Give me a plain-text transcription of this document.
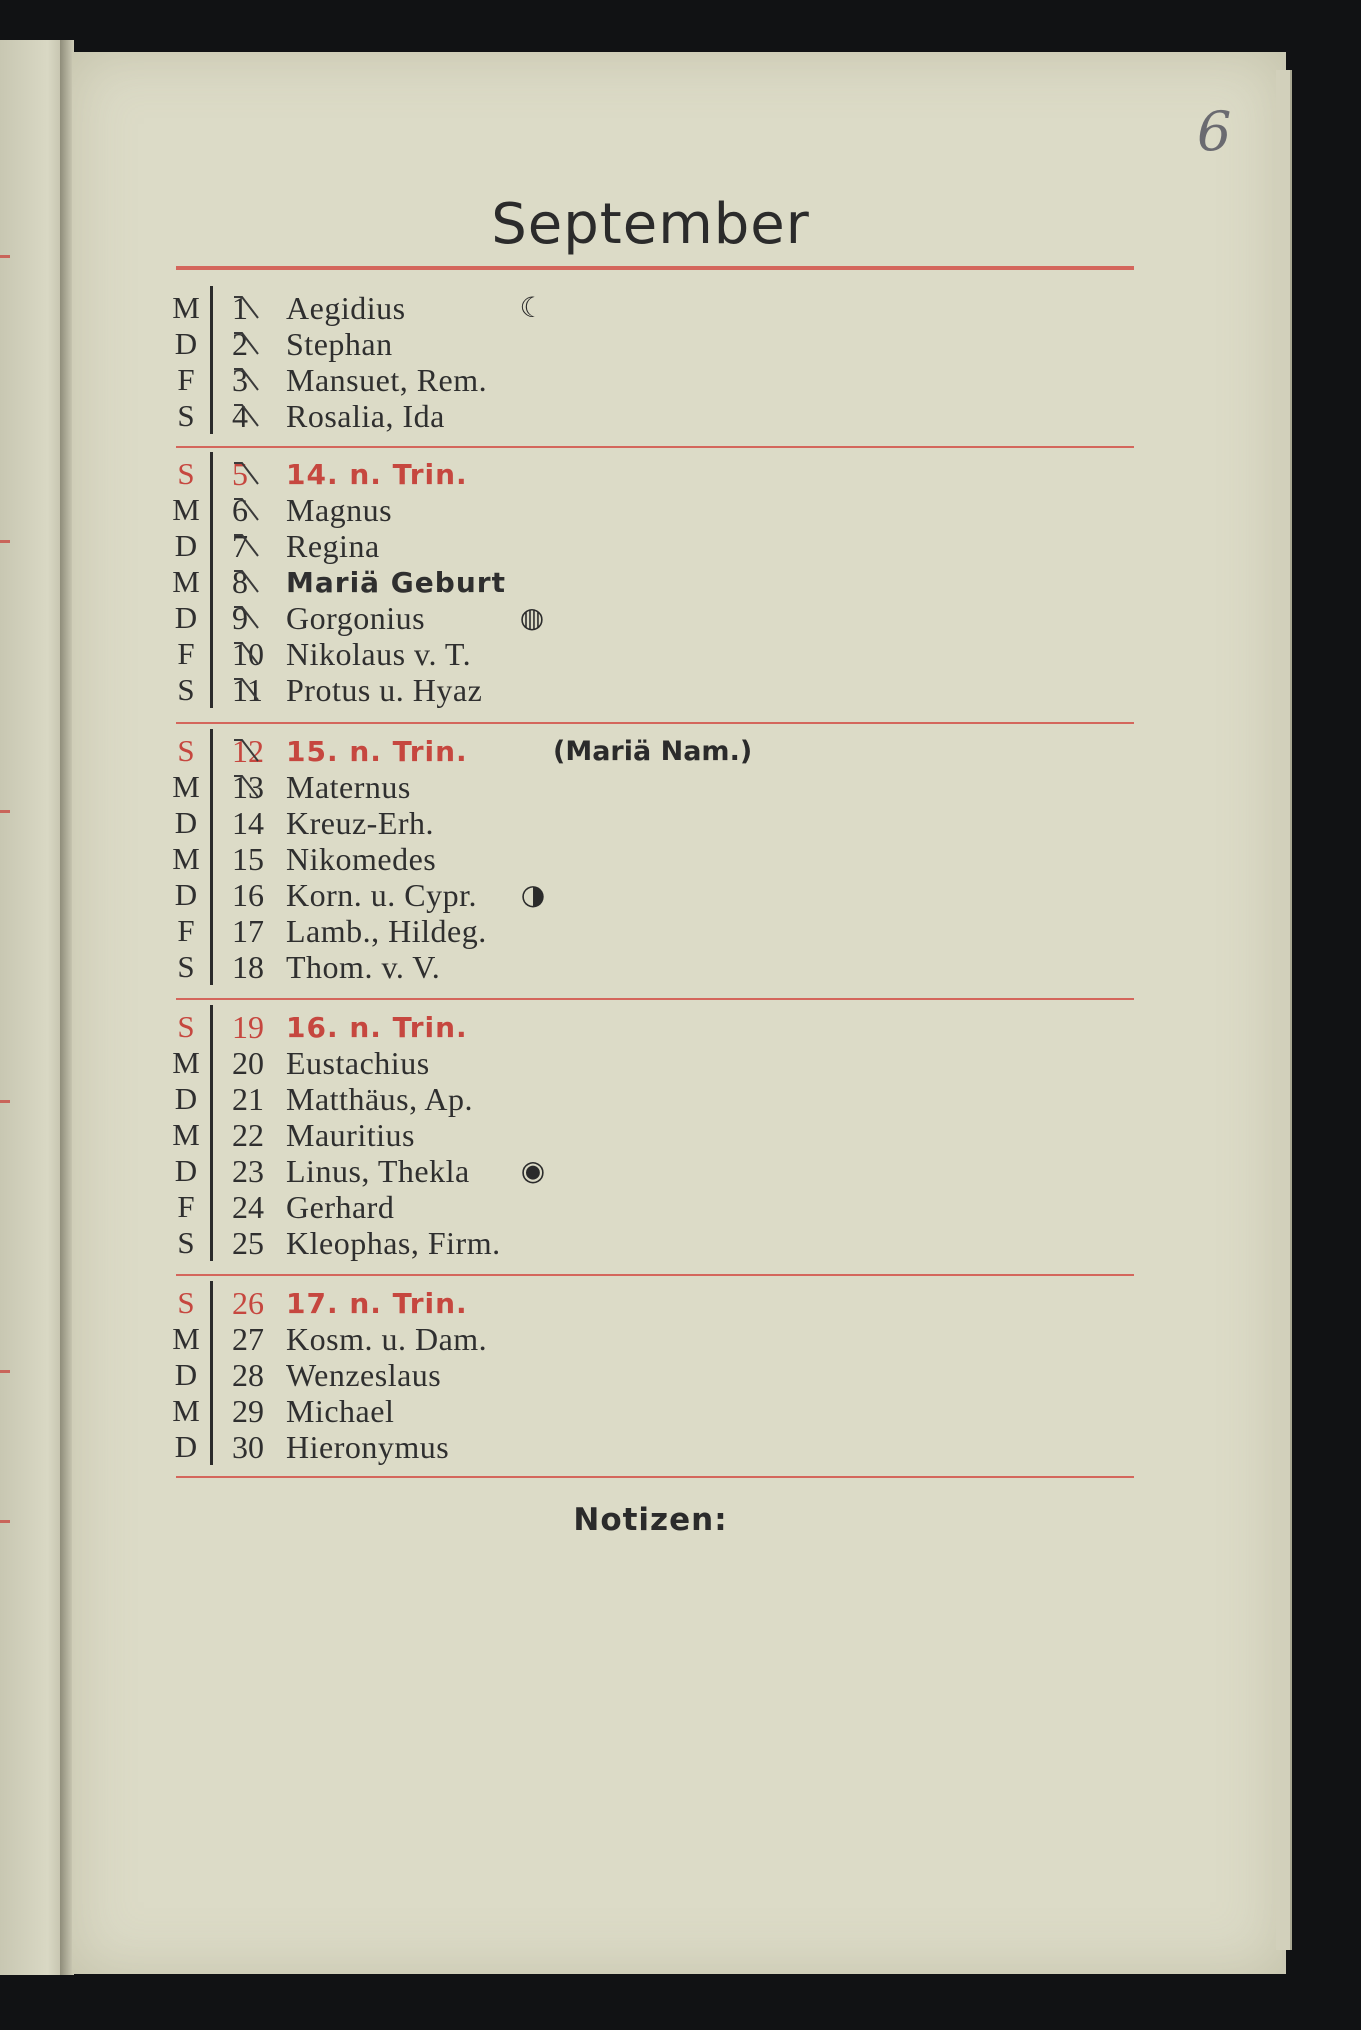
6
September
M 1	Aegidius	☾
D 2	Stephan
F 3	Mansuet, Rem.
S 4	Rosalia, Ida
S 5	14. n. Trin.
M 6	Magnus
D 7	Regina
M 8	Mariä Geburt
D 9	Gorgonius	◍
F 10 Nikolaus v. T.
S 11 Protus u. Hyaz
S 12 15. n. Trin.	(Mariä Nam.)
M 13 Maternus
D 14 Kreuz-Erh.
M 15 Nikomedes
D 16 Korn. u. Cypr. ◑
F 17 Lamb., Hildeg.
S 18 Thom. v. V.
S 19 16. n. Trin.
M 20 Eustachius
D 21 Matthäus, Ap.
M 22 Mauritius
D 23 Linus, Thekla ◉
F 24 Gerhard
S 25 Kleophas, Firm.
S 26 17. n. Trin.
M 27 Kosm. u. Dam.
D 28 Wenzeslaus
M 29 Michael
D 30 Hieronymus
Notizen:
